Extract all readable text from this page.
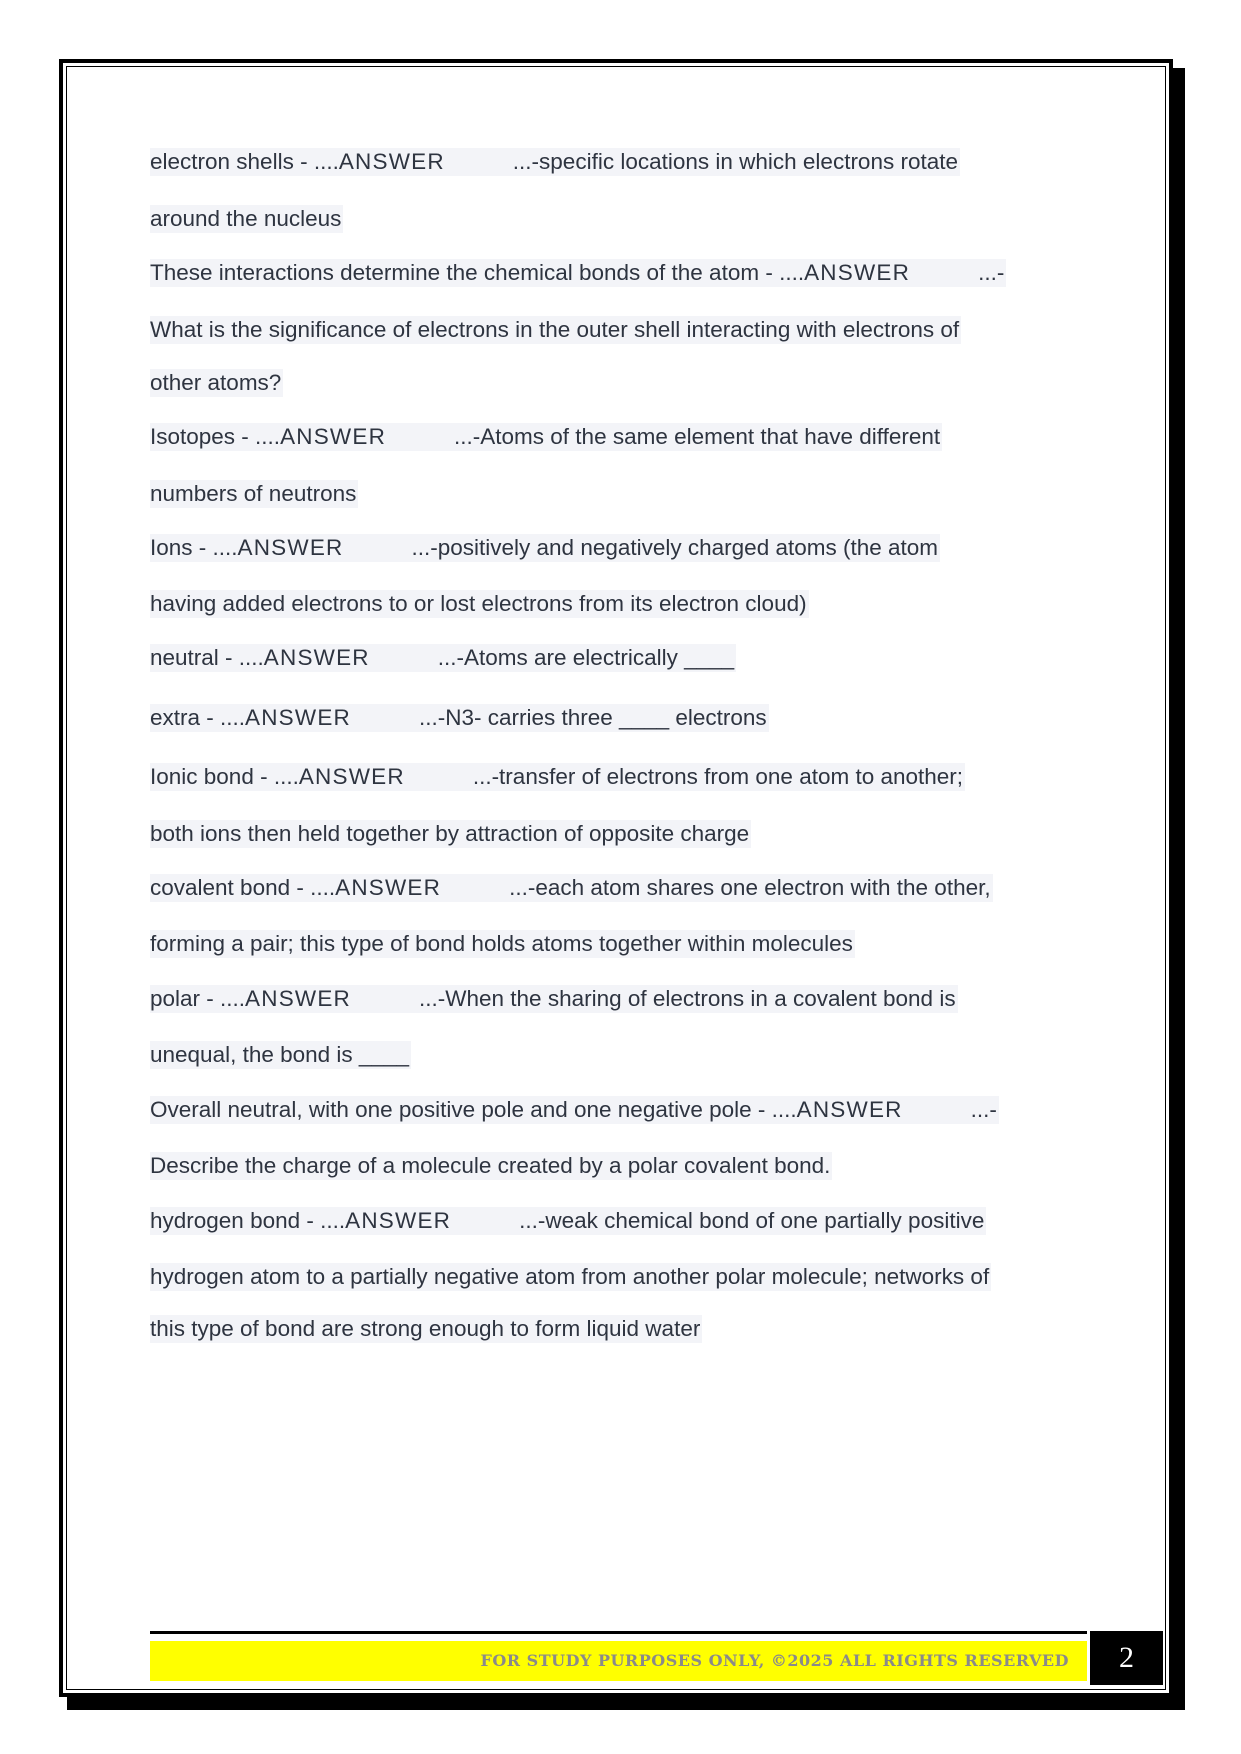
electron shells - ....ANSWER	...-specific locations in which electrons rotate
around the nucleus
These interactions determine the chemical bonds of the atom - ....ANSWER	...-
What is the significance of electrons in the outer shell interacting with electrons of
other atoms?
Isotopes - ....ANSWER	...-Atoms of the same element that have different
numbers of neutrons
Ions - ....ANSWER	...-positively and negatively charged atoms (the atom
having added electrons to or lost electrons from its electron cloud)
neutral - ....ANSWER	...-Atoms are electrically ____
extra - ....ANSWER	...-N3- carries three ____ electrons
Ionic bond - ....ANSWER	...-transfer of electrons from one atom to another;
both ions then held together by attraction of opposite charge
covalent bond - ....ANSWER	...-each atom shares one electron with the other,
forming a pair; this type of bond holds atoms together within molecules
polar - ....ANSWER	...-When the sharing of electrons in a covalent bond is
unequal, the bond is ____
Overall neutral, with one positive pole and one negative pole - ....ANSWER	...-
Describe the charge of a molecule created by a polar covalent bond.
hydrogen bond - ....ANSWER	...-weak chemical bond of one partially positive
hydrogen atom to a partially negative atom from another polar molecule; networks of
this type of bond are strong enough to form liquid water
FOR STUDY PURPOSES ONLY, ©2025 ALL RIGHTS RESERVED	2
